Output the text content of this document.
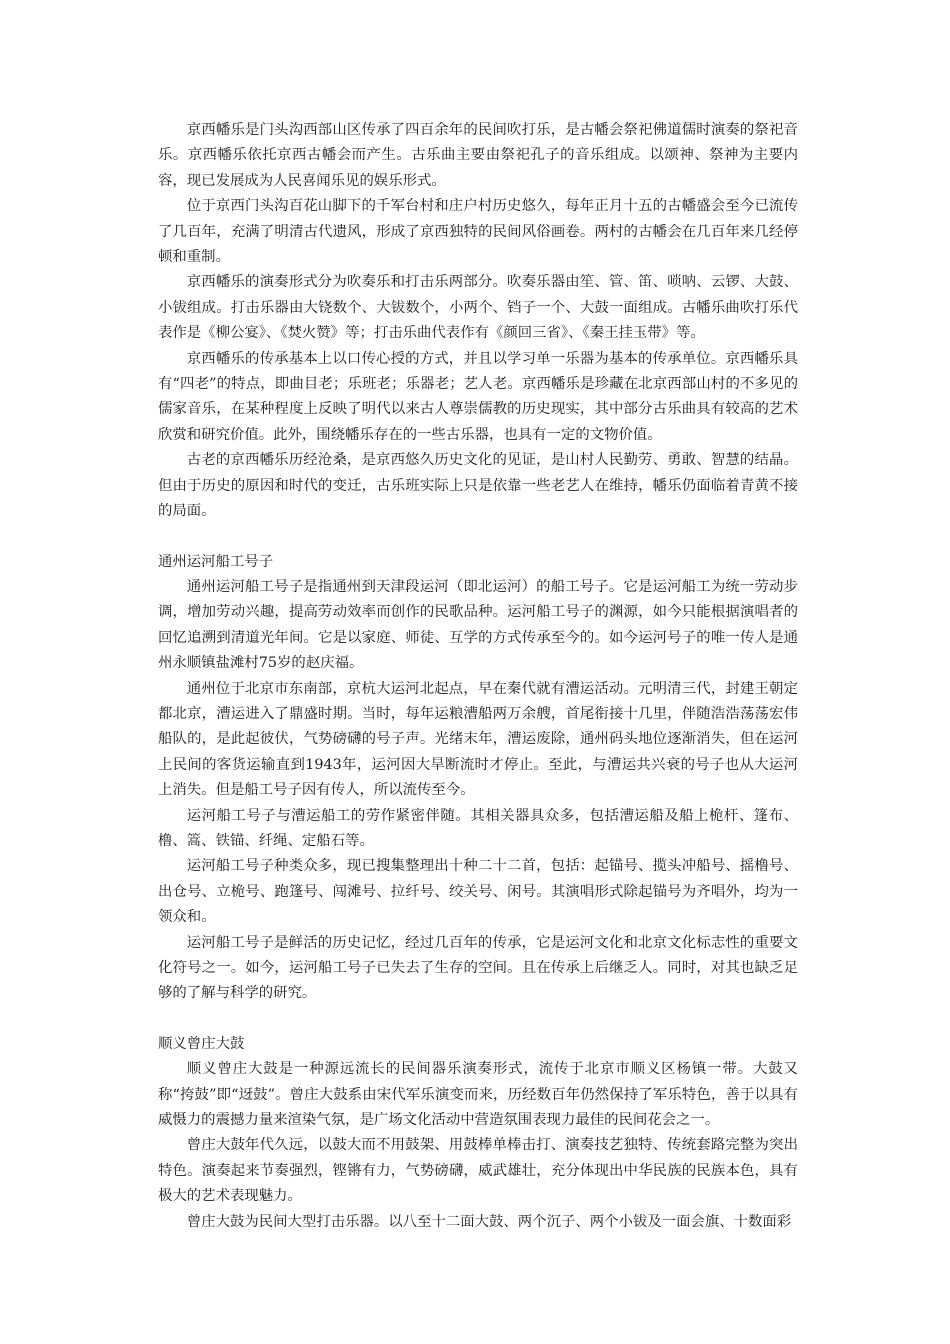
京西幡乐是门头沟西部山区传承了四百余年的民间吹打乐，是古幡会祭祀佛道儒时演奏的祭祀音乐。京西幡乐依托京西古幡会而产生。古乐曲主要由祭祀孔子的音乐组成。以颂神、祭神为主要内容，现已发展成为人民喜闻乐见的娱乐形式。

位于京西门头沟百花山脚下的千军台村和庄户村历史悠久，每年正月十五的古幡盛会至今已流传了几百年，充满了明清古代遗风，形成了京西独特的民间风俗画卷。两村的古幡会在几百年来几经停顿和重制。

京西幡乐的演奏形式分为吹奏乐和打击乐两部分。吹奏乐器由笙、管、笛、唢呐、云锣、大鼓、小钹组成。打击乐器由大铙数个、大钹数个，小两个、铛子一个、大鼓一面组成。古幡乐曲吹打乐代表作是《柳公宴》、《焚火赞》等；打击乐曲代表作有《颜回三省》、《秦王挂玉带》等。

京西幡乐的传承基本上以口传心授的方式，并且以学习单一乐器为基本的传承单位。京西幡乐具有“四老”的特点，即曲目老；乐班老；乐器老；艺人老。京西幡乐是珍藏在北京西部山村的不多见的儒家音乐，在某种程度上反映了明代以来古人尊崇儒教的历史现实，其中部分古乐曲具有较高的艺术欣赏和研究价值。此外，围绕幡乐存在的一些古乐器，也具有一定的文物价值。

古老的京西幡乐历经沧桑，是京西悠久历史文化的见证，是山村人民勤劳、勇敢、智慧的结晶。但由于历史的原因和时代的变迁，古乐班实际上只是依靠一些老艺人在维持，幡乐仍面临着青黄不接的局面。

通州运河船工号子

通州运河船工号子是指通州到天津段运河（即北运河）的船工号子。它是运河船工为统一劳动步调，增加劳动兴趣，提高劳动效率而创作的民歌品种。运河船工号子的渊源，如今只能根据演唱者的回忆追溯到清道光年间。它是以家庭、师徒、互学的方式传承至今的。如今运河号子的唯一传人是通州永顺镇盐滩村75岁的赵庆福。

通州位于北京市东南部，京杭大运河北起点，早在秦代就有漕运活动。元明清三代，封建王朝定都北京，漕运进入了鼎盛时期。当时，每年运粮漕船两万余艘，首尾衔接十几里，伴随浩浩荡荡宏伟船队的，是此起彼伏，气势磅礴的号子声。光绪末年，漕运废除，通州码头地位逐渐消失，但在运河上民间的客货运输直到1943年，运河因大旱断流时才停止。至此，与漕运共兴衰的号子也从大运河上消失。但是船工号子因有传人，所以流传至今。

运河船工号子与漕运船工的劳作紧密伴随。其相关器具众多，包括漕运船及船上桅杆、篷布、橹、篙、铁锚、纤绳、定船石等。

运河船工号子种类众多，现已搜集整理出十种二十二首，包括：起锚号、揽头冲船号、摇橹号、出仓号、立桅号、跑篷号、闯滩号、拉纤号、绞关号、闲号。其演唱形式除起锚号为齐唱外，均为一领众和。

运河船工号子是鲜活的历史记忆，经过几百年的传承，它是运河文化和北京文化标志性的重要文化符号之一。如今，运河船工号子已失去了生存的空间。且在传承上后继乏人。同时，对其也缺乏足够的了解与科学的研究。

顺义曾庄大鼓

顺义曾庄大鼓是一种源远流长的民间器乐演奏形式，流传于北京市顺义区杨镇一带。大鼓又称“挎鼓”即“迓鼓”。曾庄大鼓系由宋代军乐演变而来，历经数百年仍然保持了军乐特色，善于以具有威慑力的震撼力量来渲染气氛，是广场文化活动中营造氛围表现力最佳的民间花会之一。

曾庄大鼓年代久远，以鼓大而不用鼓架、用鼓棒单棒击打、演奏技艺独特、传统套路完整为突出特色。演奏起来节奏强烈，铿锵有力，气势磅礴，威武雄壮，充分体现出中华民族的民族本色，具有极大的艺术表现魅力。

曾庄大鼓为民间大型打击乐器。以八至十二面大鼓、两个沉子、两个小钹及一面会旗、十数面彩
